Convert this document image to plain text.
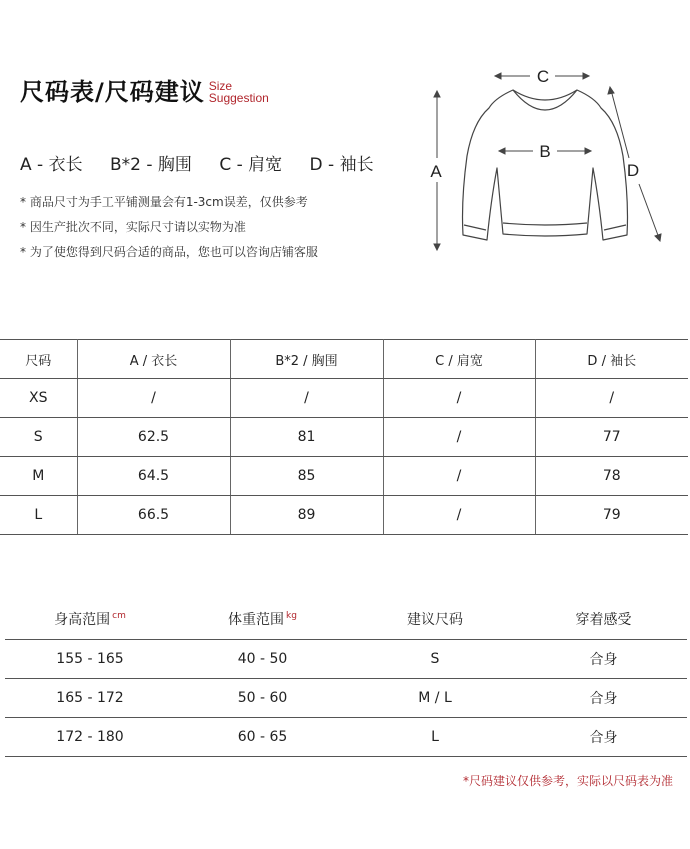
尺码表/尺码建议 Size
Suggestion
A - 衣长 B*2 - 胸围 C - 肩宽 D - 袖长
* 商品尺寸为手工平铺测量会有1-3cm误差，仅供参考
* 因生产批次不同，实际尺寸请以实物为准
* 为了使您得到尺码合适的商品，您也可以咨询店铺客服
C
B
A	D
尺码	A / 衣长	B*2 / 胸围	C / 肩宽	D / 袖长
XS	/	/	/	/
S	62.5	81	/	77
M	64.5	85	/	78
L	66.5	89	/	79
身高范围 $^{cm}$	体重范围 $^{kg}$	建议尺码	穿着感受
155 - 165	40 - 50	S	合身
165 - 172	50 - 60	M / L	合身
172 - 180	60 - 65	L	合身
*尺码建议仅供参考，实际以尺码表为准
